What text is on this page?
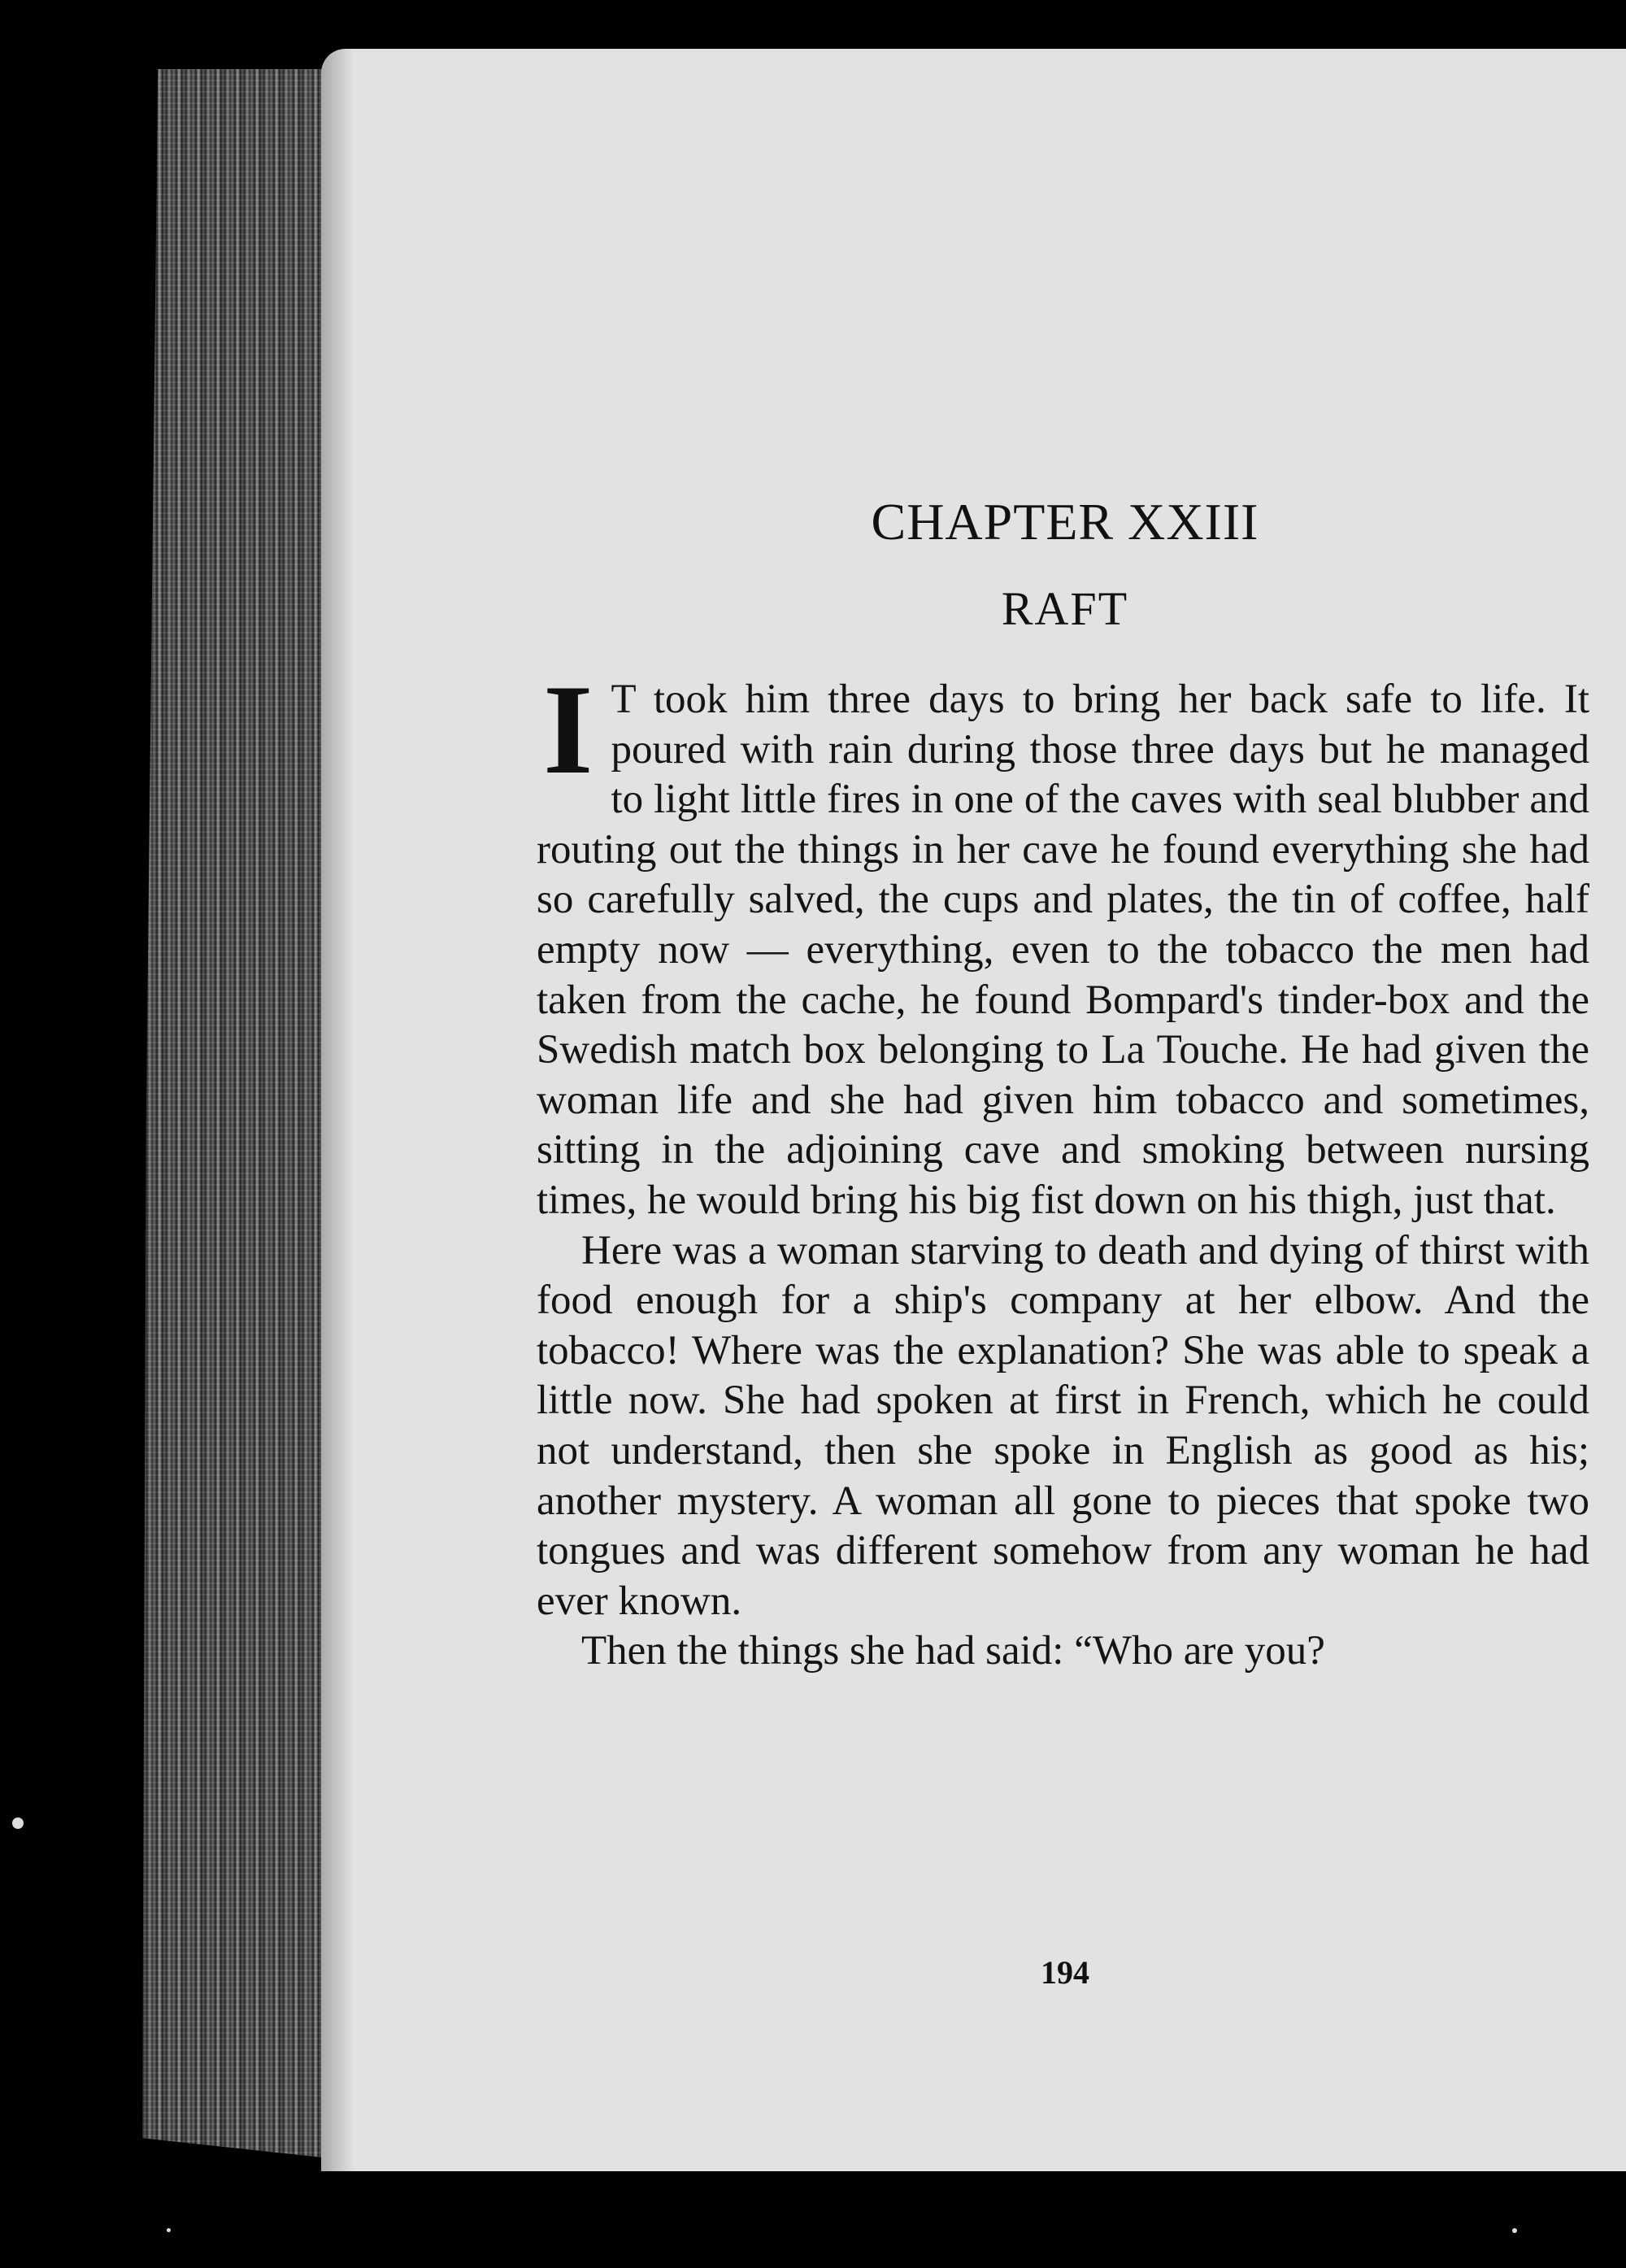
CHAPTER XXIII
RAFT

I T took him three days to bring her back safe to life. It poured with rain during those three days but he managed to light little fires in one of the caves with seal blubber and routing out the things in her cave he found everything she had so carefully salved, the cups and plates, the tin of coffee, half empty now — everything, even to the tobacco the men had taken from the cache, he found Bompard's tinder-box and the Swedish match box belonging to La Touche. He had given the woman life and she had given him tobacco and sometimes, sitting in the adjoining cave and smoking between nursing times, he would bring his big fist down on his thigh, just that.

Here was a woman starving to death and dying of thirst with food enough for a ship's company at her elbow. And the tobacco! Where was the explanation? She was able to speak a little now. She had spoken at first in French, which he could not understand, then she spoke in English as good as his; another mystery. A woman all gone to pieces that spoke two tongues and was different somehow from any woman he had ever known.

Then the things she had said: “Who are you?

194
